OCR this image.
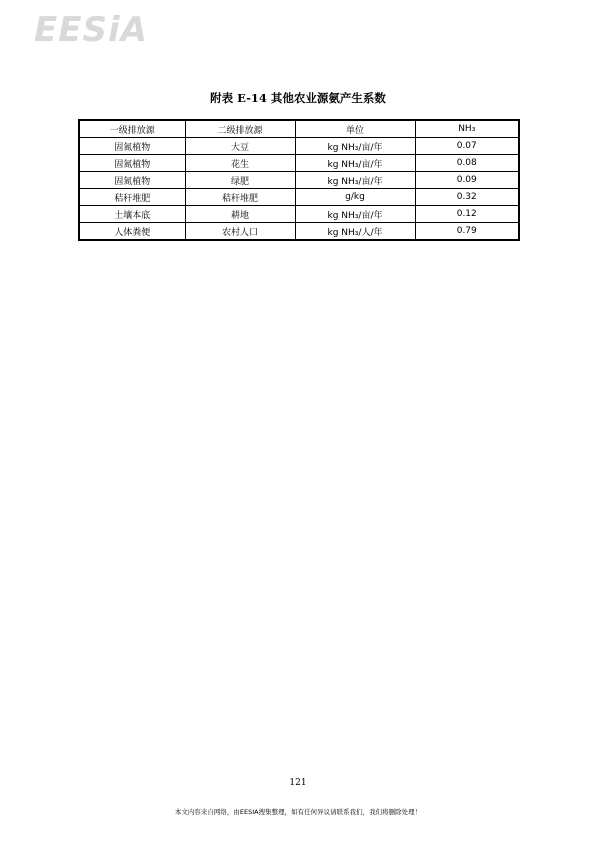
EESiA
附表 E-14 其他农业源氨产生系数
一级排放源	二级排放源	单位	NH₃
固氮植物	大豆	kg NH₃/亩/年	0.07
固氮植物	花生	kg NH₃/亩/年	0.08
固氮植物	绿肥	kg NH₃/亩/年	0.09
秸秆堆肥	秸秆堆肥	g/kg	0.32
土壤本底	耕地	kg NH₃/亩/年	0.12
人体粪便	农村人口	kg NH₃/人/年	0.79
121
本文内容来自网络，由EESIA搜集整理，如有任何异议请联系我们，我们将删除处理！
